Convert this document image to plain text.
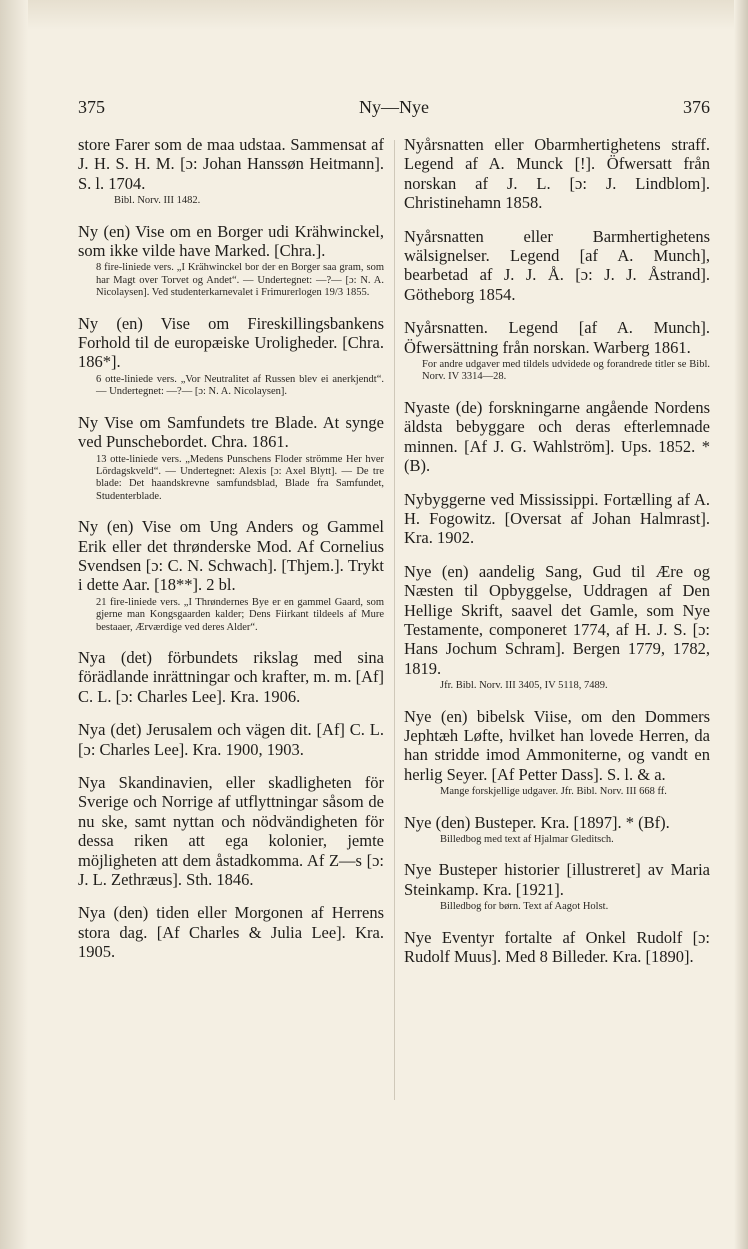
375	Ny—Nye	376

store Farer som de maa udstaa. Sammensat af J. H. S. H. M. [ɔ: Johan Hanssøn Heitmann]. S. l. 1704.

Bibl. Norv. III 1482.

Ny (en) Vise om en Borger udi Krähwinckel, som ikke vilde have Marked. [Chra.].

8 fire-liniede vers. „I Krähwinckel bor der en Borger saa gram, som har Magt over Torvet og Andet“. — Undertegnet: —?— [ɔ: N. A. Nicolaysen]. Ved studenterkarnevalet i Frimurerlogen 19/3 1855.

Ny (en) Vise om Fireskillingsbankens Forhold til de europæiske Uroligheder. [Chra. 186*].

6 otte-liniede vers. „Vor Neutralitet af Russen blev ei anerkjendt“. — Undertegnet: —?— [ɔ: N. A. Nicolaysen].

Ny Vise om Samfundets tre Blade. At synge ved Punschebordet. Chra. 1861.

13 otte-liniede vers. „Medens Punschens Floder strömme Her hver Lördagskveld“. — Undertegnet: Alexis [ɔ: Axel Blytt]. — De tre blade: Det haandskrevne samfundsblad, Blade fra Samfundet, Studenterblade.

Ny (en) Vise om Ung Anders og Gammel Erik eller det thrønderske Mod. Af Cornelius Svendsen [ɔ: C. N. Schwach]. [Thjem.]. Trykt i dette Aar. [18**]. 2 bl.

21 fire-liniede vers. „I Thrøndernes Bye er en gammel Gaard, som gjerne man Kongsgaarden kalder; Dens Fiirkant tildeels af Mure bestaaer, Ærværdige ved deres Alder“.

Nya (det) förbundets rikslag med sina förädlande inrättningar och krafter, m. m. [Af] C. L. [ɔ: Charles Lee]. Kra. 1906.

Nya (det) Jerusalem och vägen dit. [Af] C. L. [ɔ: Charles Lee]. Kra. 1900, 1903.

Nya Skandinavien, eller skadligheten för Sverige och Norrige af utflyttningar såsom de nu ske, samt nyttan och nödvändigheten för dessa riken att ega kolonier, jemte möjligheten att dem åstadkomma. Af Z—s [ɔ: J. L. Zethræus]. Sth. 1846.

Nya (den) tiden eller Morgonen af Herrens stora dag. [Af Charles & Julia Lee]. Kra. 1905.

Nyårsnatten eller Obarmhertighetens straff. Legend af A. Munck [!]. Öfwersatt från norskan af J. L. [ɔ: J. Lindblom]. Christinehamn 1858.

Nyårsnatten eller Barmhertighetens wälsignelser. Legend [af A. Munch], bearbetad af J. J. Å. [ɔ: J. J. Åstrand]. Götheborg 1854.

Nyårsnatten. Legend [af A. Munch]. Öfwersättning från norskan. Warberg 1861.

For andre udgaver med tildels udvidede og forandrede titler se Bibl. Norv. IV 3314—28.

Nyaste (de) forskningarne angående Nordens äldsta bebyggare och deras efterlemnade minnen. [Af J. G. Wahlström]. Ups. 1852. * (B).

Nybyggerne ved Mississippi. Fortælling af A. H. Fogowitz. [Oversat af Johan Halmrast]. Kra. 1902.

Nye (en) aandelig Sang, Gud til Ære og Næsten til Opbyggelse, Uddragen af Den Hellige Skrift, saavel det Gamle, som Nye Testamente, componeret 1774, af H. J. S. [ɔ: Hans Jochum Schram]. Bergen 1779, 1782, 1819.

Jfr. Bibl. Norv. III 3405, IV 5118, 7489.

Nye (en) bibelsk Viise, om den Dommers Jephtæh Løfte, hvilket han lovede Herren, da han stridde imod Ammoniterne, og vandt en herlig Seyer. [Af Petter Dass]. S. l. & a.

Mange forskjellige udgaver. Jfr. Bibl. Norv. III 668 ff.

Nye (den) Busteper. Kra. [1897]. * (Bf).

Billedbog med text af Hjalmar Gleditsch.

Nye Busteper historier [illustreret] av Maria Steinkamp. Kra. [1921].

Billedbog for børn. Text af Aagot Holst.

Nye Eventyr fortalte af Onkel Rudolf [ɔ: Rudolf Muus]. Med 8 Billeder. Kra. [1890].
